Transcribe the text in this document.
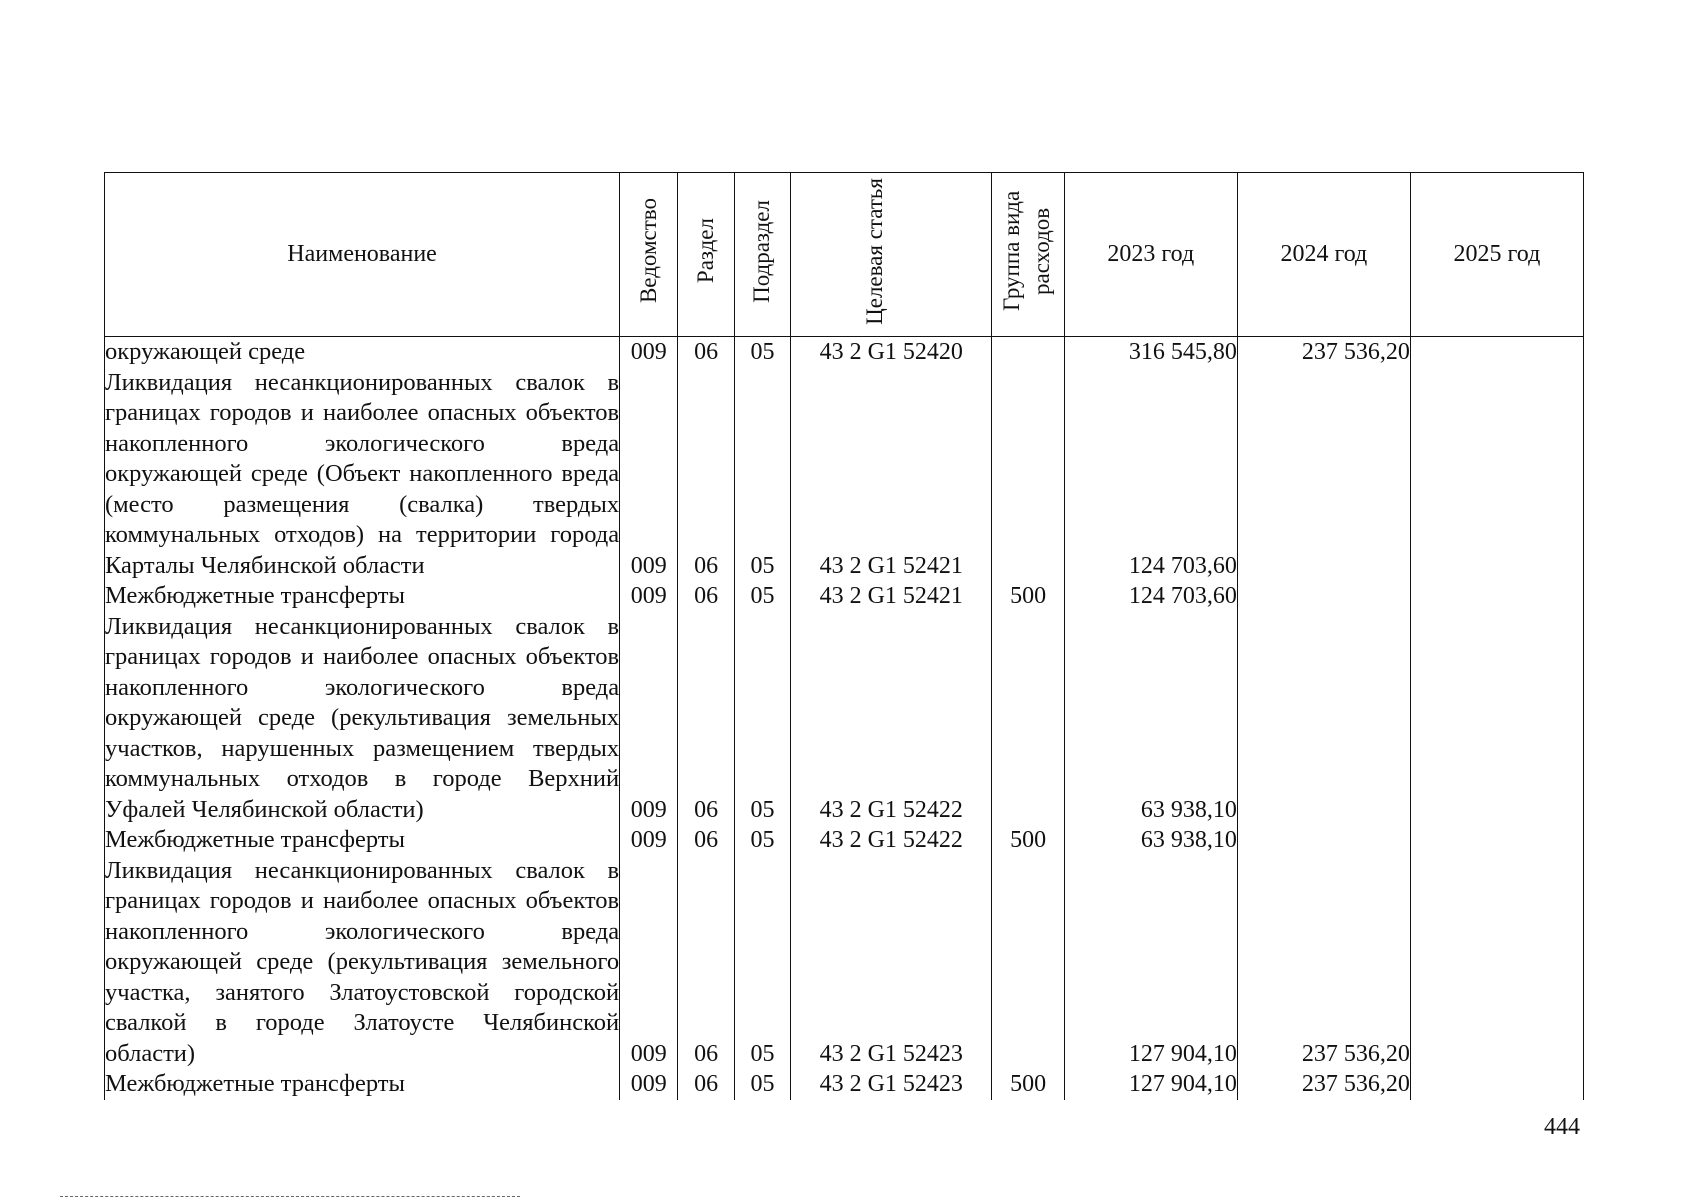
Наименование	Ведомство	Раздел	Подраздел	Целевая статья	Группа вида расходов	2023 год	2024 год	2025 год
окружающей среде	009	06	05	43 2 G1 52420		316 545,80	237 536,20	
Ликвидация несанкционированных свалок в границах городов и наиболее опасных объектов накопленного экологического вреда окружающей среде (Объект накопленного вреда (место размещения (свалка) твердых коммунальных отходов) на территории города Карталы Челябинской области	009	06	05	43 2 G1 52421		124 703,60		
Межбюджетные трансферты	009	06	05	43 2 G1 52421	500	124 703,60		
Ликвидация несанкционированных свалок в границах городов и наиболее опасных объектов накопленного экологического вреда окружающей среде (рекультивация земельных участков, нарушенных размещением твердых коммунальных отходов в городе Верхний Уфалей Челябинской области)	009	06	05	43 2 G1 52422		63 938,10		
Межбюджетные трансферты	009	06	05	43 2 G1 52422	500	63 938,10		
Ликвидация несанкционированных свалок в границах городов и наиболее опасных объектов накопленного экологического вреда окружающей среде (рекультивация земельного участка, занятого Златоустовской городской свалкой в городе Златоусте Челябинской области)	009	06	05	43 2 G1 52423		127 904,10	237 536,20	
Межбюджетные трансферты	009	06	05	43 2 G1 52423	500	127 904,10	237 536,20	
444
